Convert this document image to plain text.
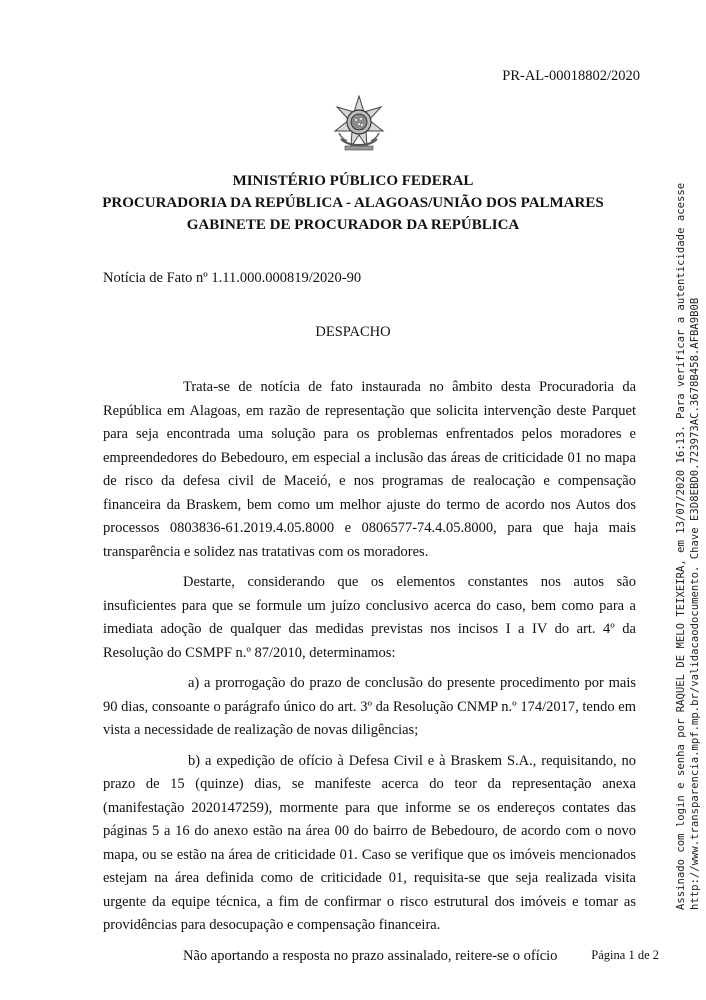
PR-AL-00018802/2020
MINISTÉRIO PÚBLICO FEDERAL
PROCURADORIA DA REPÚBLICA - ALAGOAS/UNIÃO DOS PALMARES
GABINETE DE PROCURADOR DA REPÚBLICA
Notícia de Fato nº 1.11.000.000819/2020-90
DESPACHO

Trata-se de notícia de fato instaurada no âmbito desta Procuradoria da República em Alagoas, em razão de representação que solicita intervenção deste Parquet para seja encontrada uma solução para os problemas enfrentados pelos moradores e empreendedores do Bebedouro, em especial a inclusão das áreas de criticidade 01 no mapa de risco da defesa civil de Maceió, e nos programas de realocação e compensação financeira da Braskem, bem como um melhor ajuste do termo de acordo nos Autos dos processos 0803836-61.2019.4.05.8000 e 0806577-74.4.05.8000, para que haja mais transparência e solidez nas tratativas com os moradores.

Destarte, considerando que os elementos constantes nos autos são insuficientes para que se formule um juízo conclusivo acerca do caso, bem como para a imediata adoção de qualquer das medidas previstas nos incisos I a IV do art. 4º da Resolução do CSMPF n.º 87/2010, determinamos:

a) a prorrogação do prazo de conclusão do presente procedimento por mais 90 dias, consoante o parágrafo único do art. 3º da Resolução CNMP n.º 174/2017, tendo em vista a necessidade de realização de novas diligências;

b) a expedição de ofício à Defesa Civil e à Braskem S.A., requisitando, no prazo de 15 (quinze) dias, se manifeste acerca do teor da representação anexa (manifestação 2020147259), mormente para que informe se os endereços contates das páginas 5 a 16 do anexo estão na área 00 do bairro de Bebedouro, de acordo com o novo mapa, ou se estão na área de criticidade 01. Caso se verifique que os imóveis mencionados estejam na área definida como de criticidade 01, requisita-se que seja realizada visita urgente da equipe técnica, a fim de confirmar o risco estrutural dos imóveis e tomar as providências para desocupação e compensação financeira.

Não aportando a resposta no prazo assinalado, reitere-se o ofício	Página 1 de 2
Assinado com login e senha por RAQUEL DE MELO TEIXEIRA, em 13/07/2020 16:13. Para verificar a autenticidade acesse http://www.transparencia.mpf.mp.br/validacaodocumento. Chave E3D8EBD0.723973AC.3678B458.AFBA9B0B
